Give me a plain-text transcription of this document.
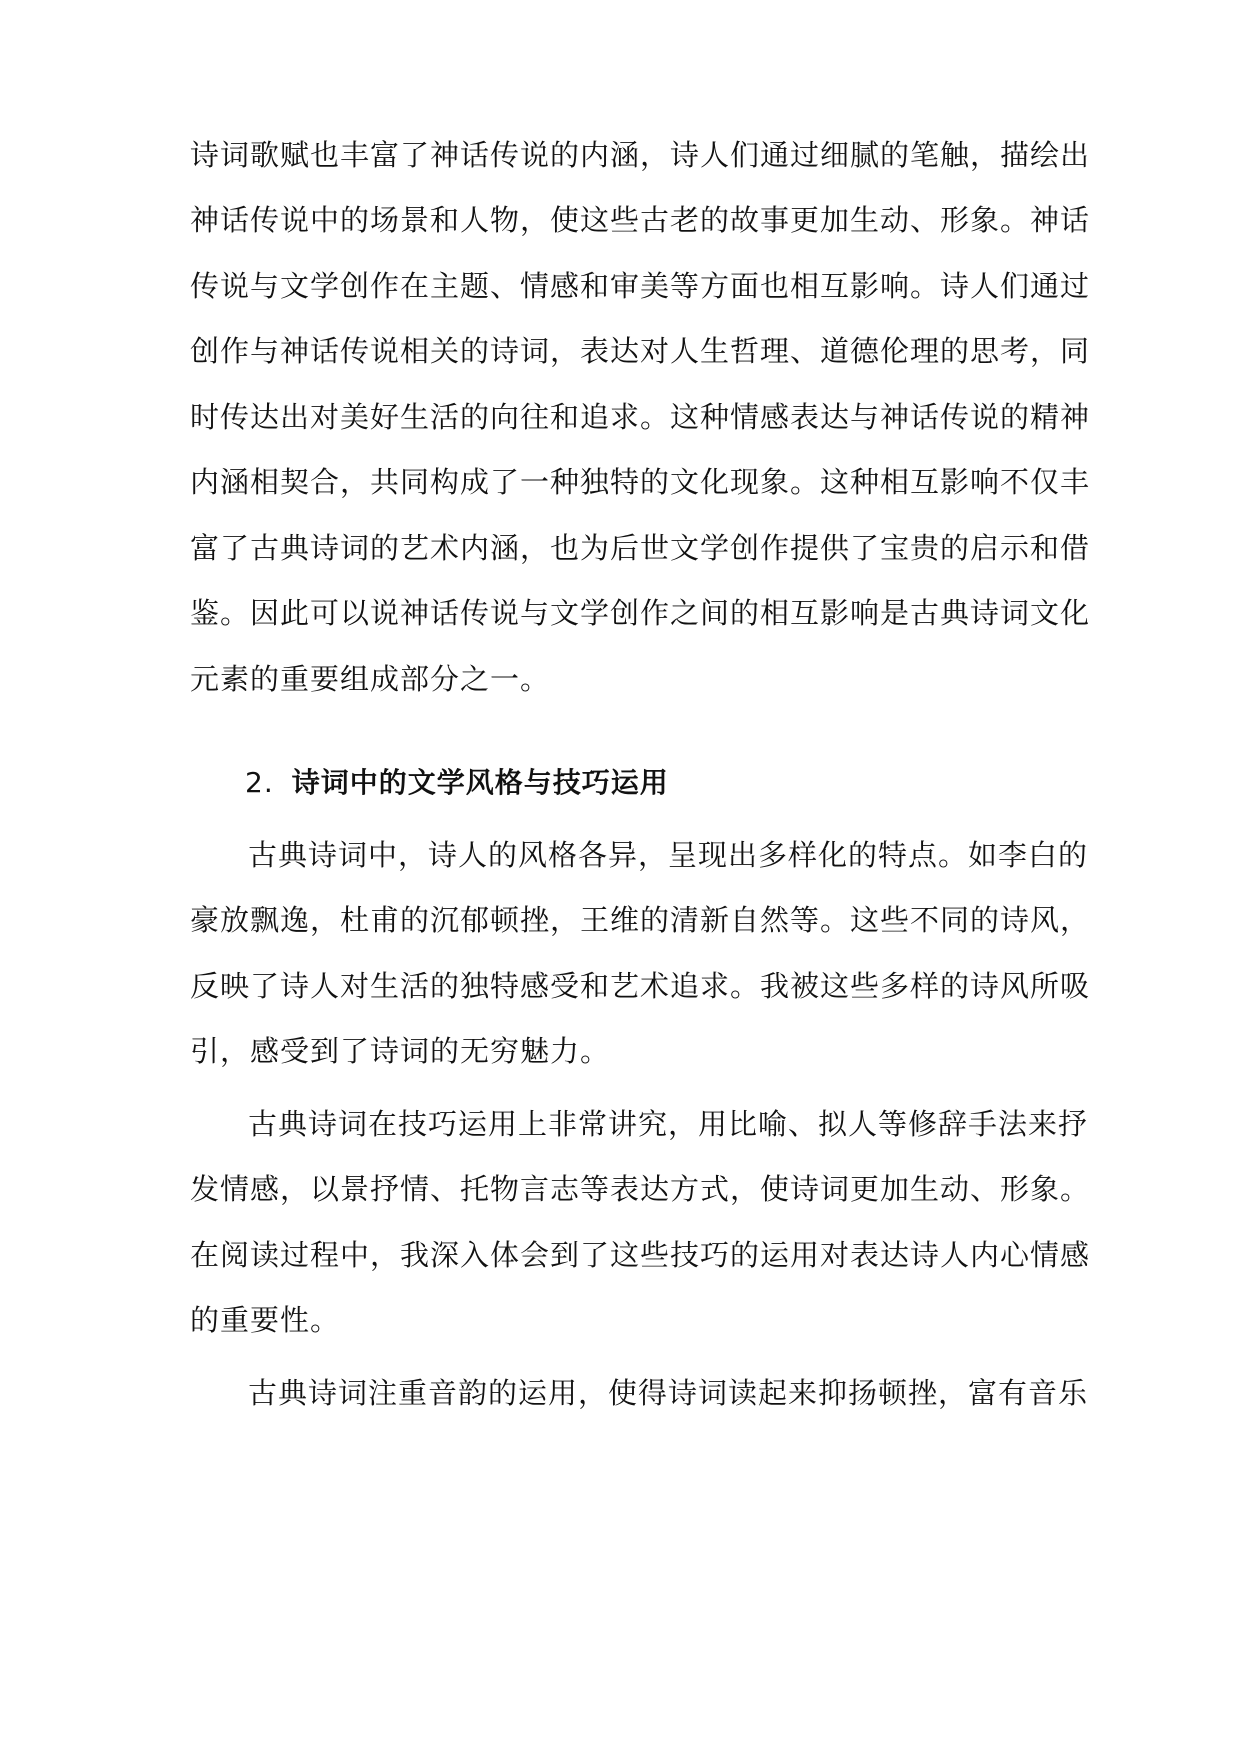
诗词歌赋也丰富了神话传说的内涵，诗人们通过细腻的笔触，描绘出
神话传说中的场景和人物，使这些古老的故事更加生动、形象。神话
传说与文学创作在主题、情感和审美等方面也相互影响。诗人们通过
创作与神话传说相关的诗词，表达对人生哲理、道德伦理的思考，同
时传达出对美好生活的向往和追求。这种情感表达与神话传说的精神
内涵相契合，共同构成了一种独特的文化现象。这种相互影响不仅丰
富了古典诗词的艺术内涵，也为后世文学创作提供了宝贵的启示和借
鉴。因此可以说神话传说与文学创作之间的相互影响是古典诗词文化
元素的重要组成部分之一。
2. 诗词中的文学风格与技巧运用
古典诗词中，诗人的风格各异，呈现出多样化的特点。如李白的
豪放飘逸，杜甫的沉郁顿挫，王维的清新自然等。这些不同的诗风，
反映了诗人对生活的独特感受和艺术追求。我被这些多样的诗风所吸
引，感受到了诗词的无穷魅力。
古典诗词在技巧运用上非常讲究，用比喻、拟人等修辞手法来抒
发情感，以景抒情、托物言志等表达方式，使诗词更加生动、形象。
在阅读过程中，我深入体会到了这些技巧的运用对表达诗人内心情感
的重要性。
古典诗词注重音韵的运用，使得诗词读起来抑扬顿挫，富有音乐
